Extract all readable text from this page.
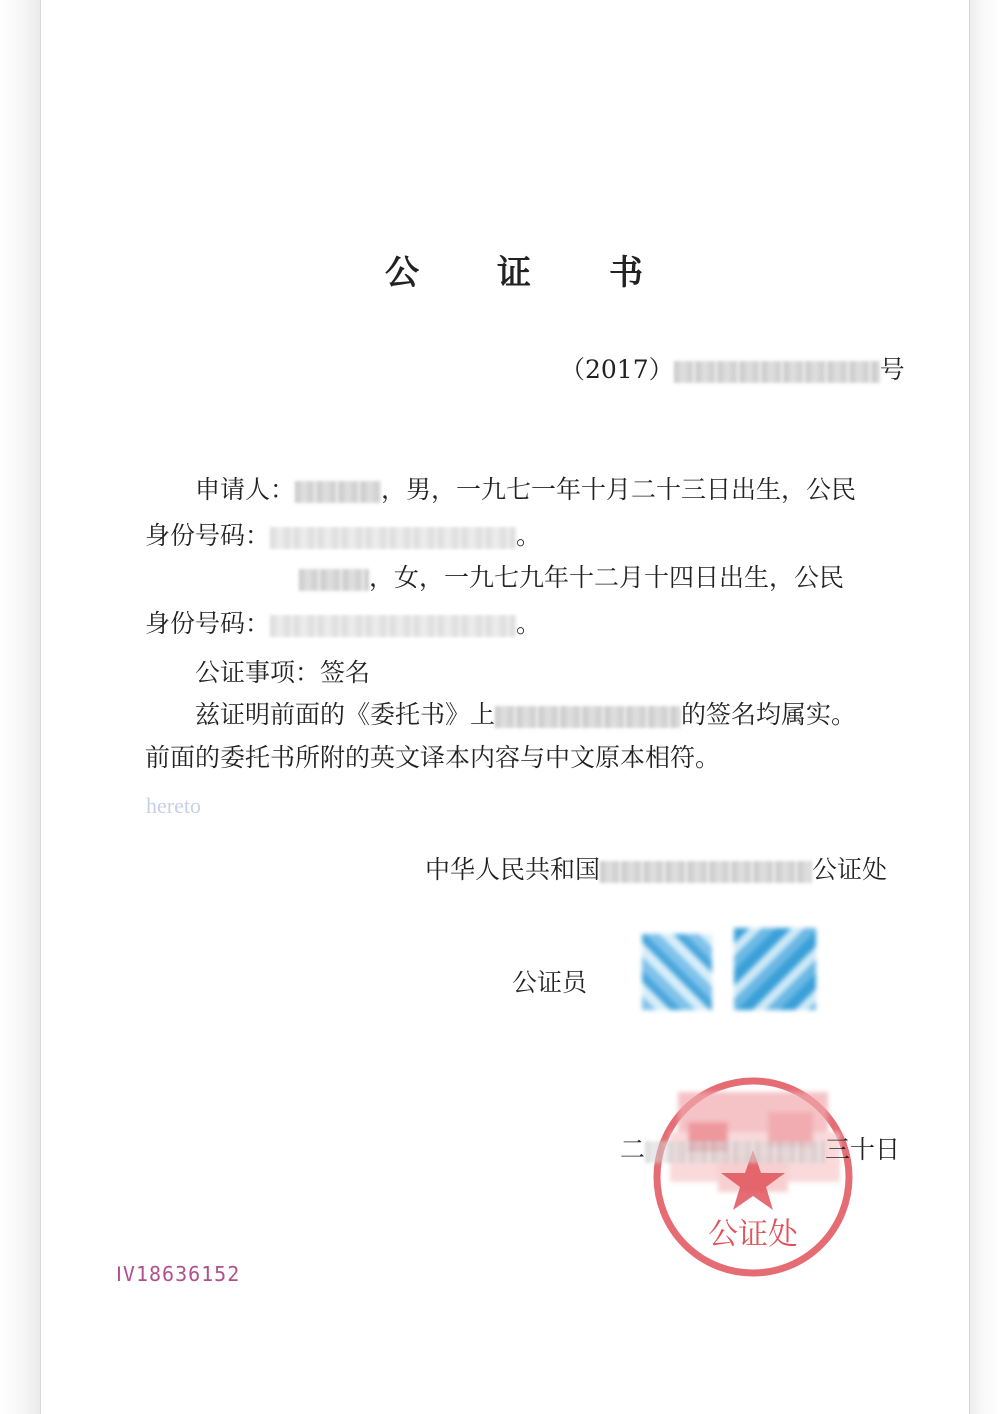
公 证 书
（2017）	号
申请人：	，男，一九七一年十月二十三日出生，公民
身份号码：	。
，女，一九七九年十二月十四日出生，公民
身份号码：	。
公证事项：签名
兹证明前面的《委托书》上	的签名均属实。
前面的委托书所附的英文译本内容与中文原本相符。
hereto
中华人民共和国	公证处
公证员
公证处
二	三十日
ⅠV18636152
